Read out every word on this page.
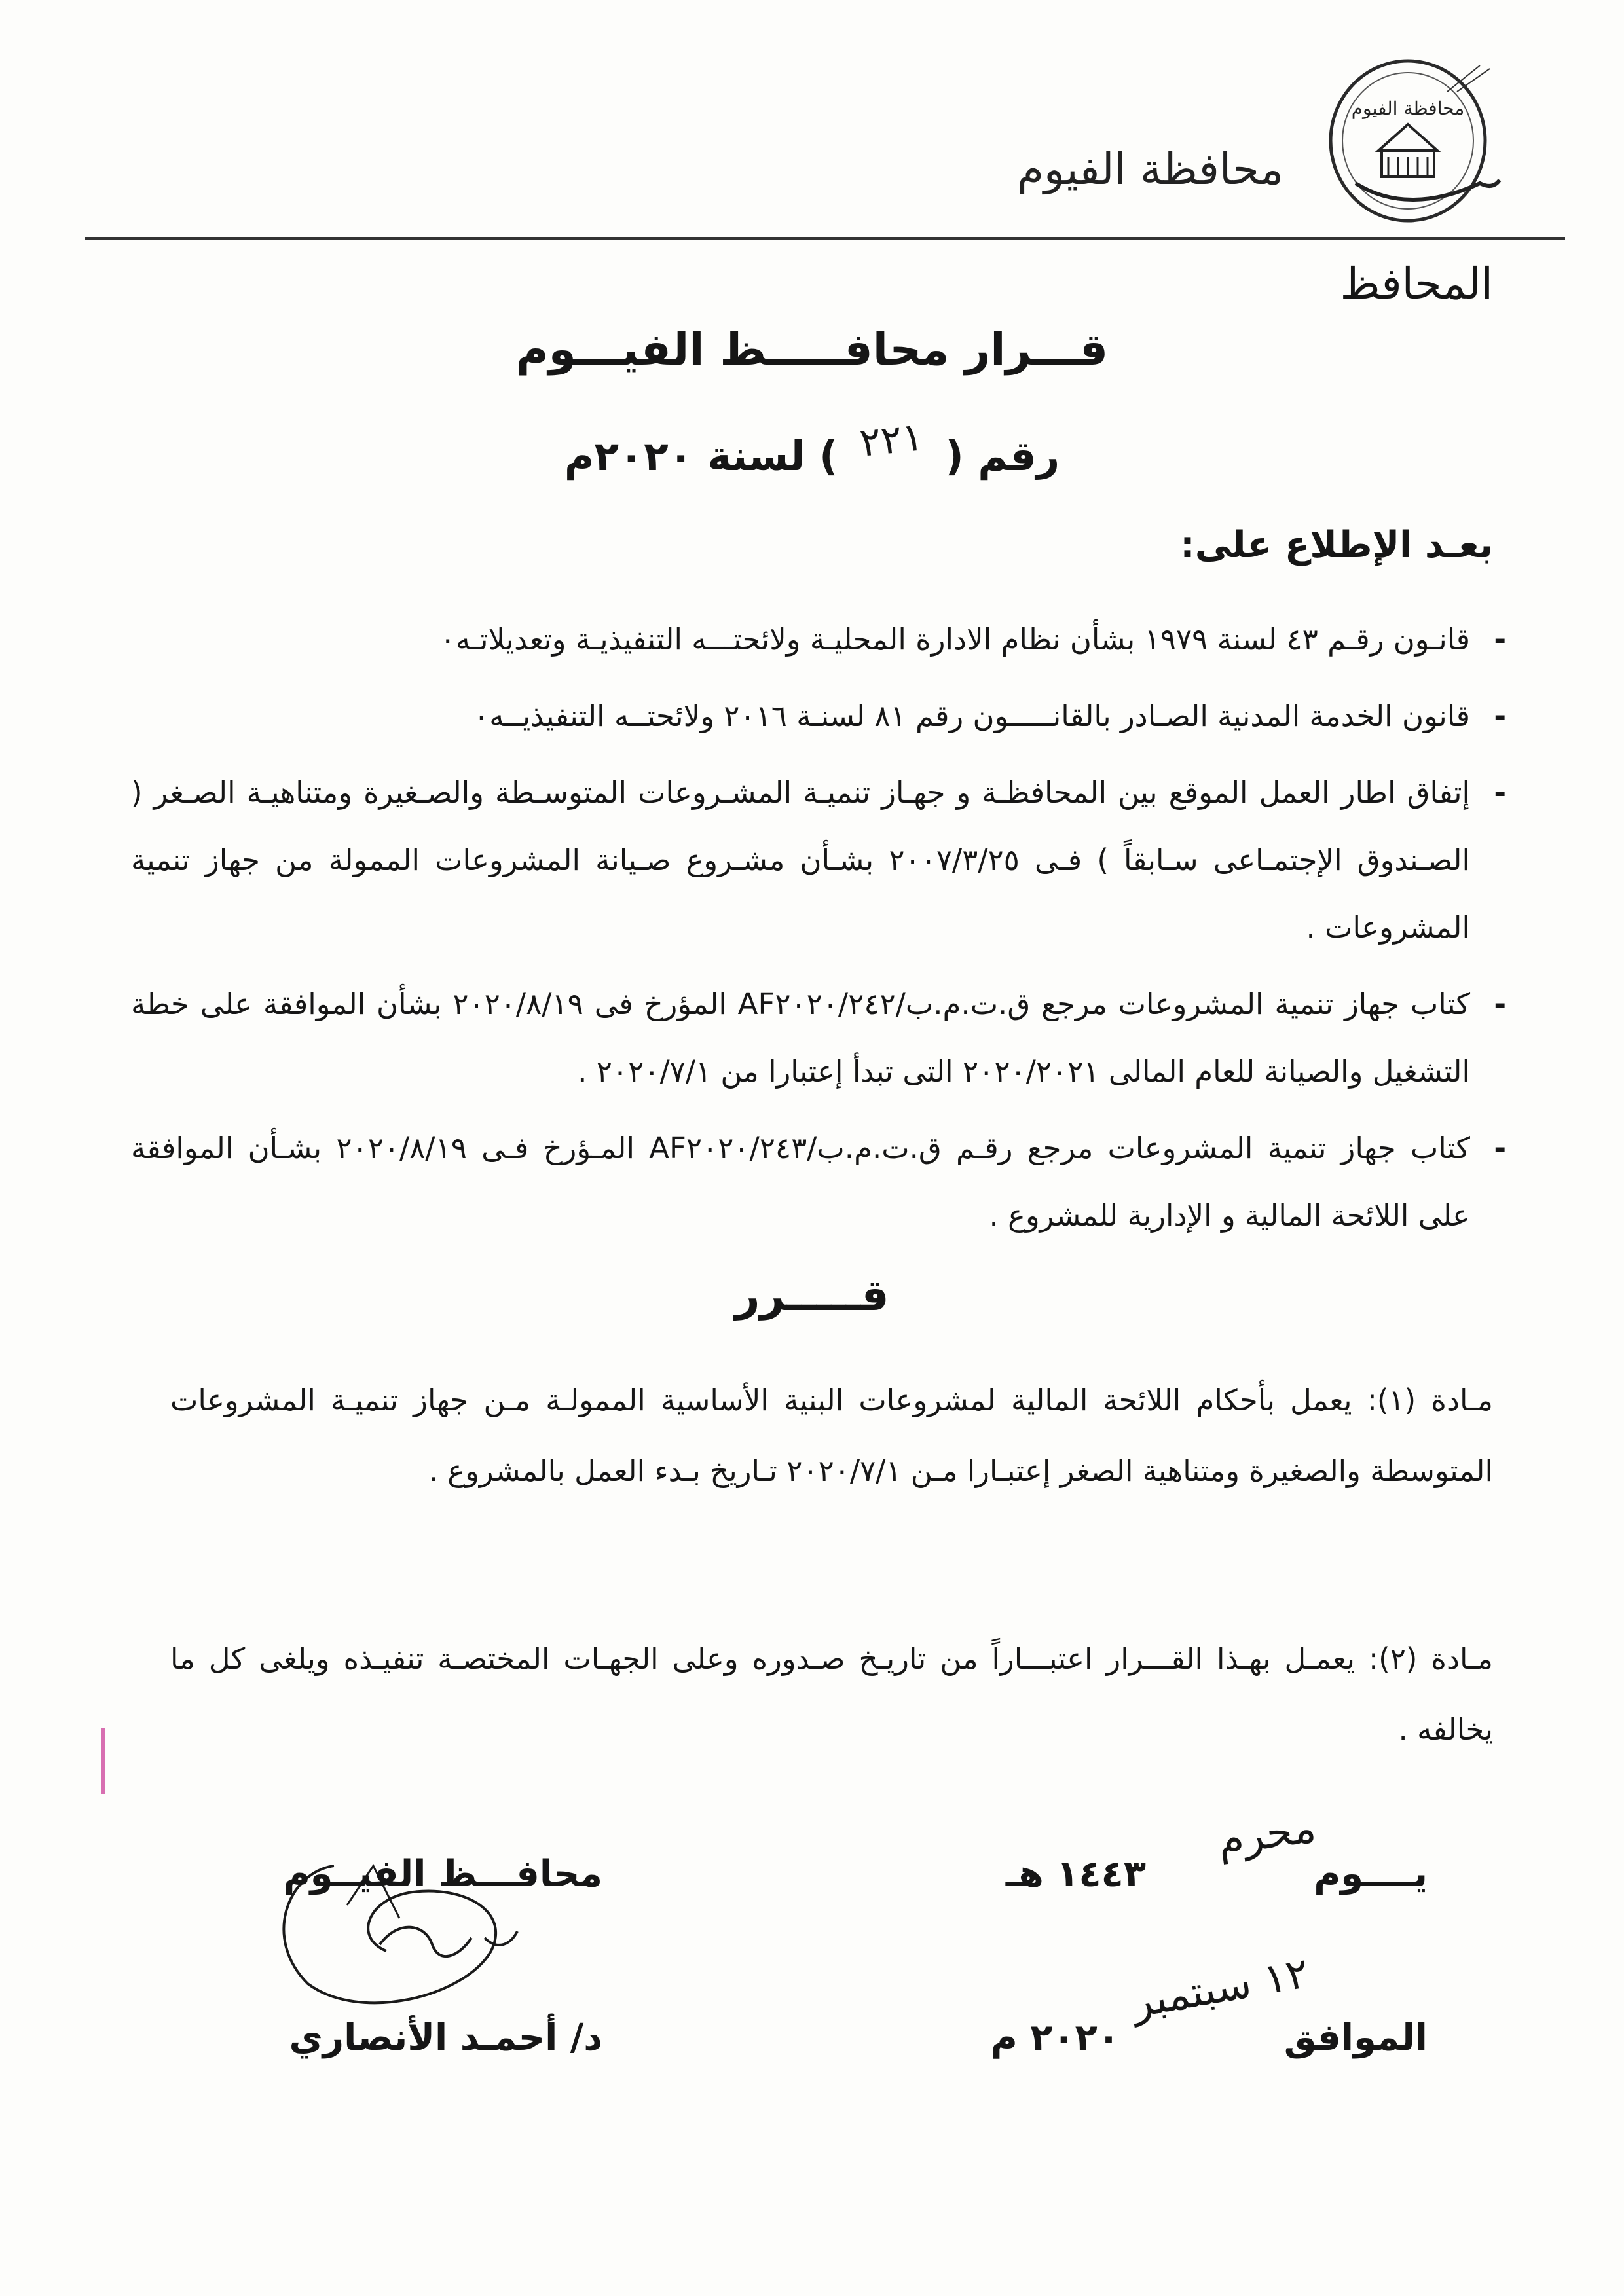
محافظة الفيوم
محافظة الفيوم
المحافظ
قـــرار محافـــــظ الفيـــوم
رقم ( ٢٢١ ) لسنة ٢٠٢٠م
بعـد الإطلاع على:
- قانـون رقـم ٤٣ لسنة ١٩٧٩ بشأن نظام الادارة المحليـة ولائحتـــه التنفيذيـة وتعديلاتـه٠
- قانون الخدمة المدنية الصـادر بالقانـــــون رقم ٨١ لسنـة ٢٠١٦ ولائحتــه التنفيذيــه٠
- إتفاق اطار العمل الموقع بين المحافظـة و جهـاز تنميـة المشـروعات المتوسـطة والصـغيرة ومتناهيـة الصـغر ( الصـندوق الإجتمـاعى سـابقاً ) فـى ٢٠٠٧/٣/٢٥ بشـأن مشـروع صـيانة المشروعات الممولة من جهاز تنمية المشروعات .
- كتاب جهاز تنمية المشروعات مرجع ق.ت.م.ب/AF٢٠٢٠/٢٤٢ المؤرخ فى ٢٠٢٠/٨/١٩ بشأن الموافقة على خطة التشغيل والصيانة للعام المالى ٢٠٢٠/٢٠٢١ التى تبدأ إعتبارا من ٢٠٢٠/٧/١ .
- كتاب جهاز تنمية المشروعات مرجع رقـم ق.ت.م.ب/AF٢٠٢٠/٢٤٣ المـؤرخ فـى ٢٠٢٠/٨/١٩ بشـأن الموافقة على اللائحة المالية و الإدارية للمشروع .
قـــــرر
مـادة (١): يعمل بأحكام اللائحة المالية لمشروعات البنية الأساسية الممولـة مـن جهاز تنميـة المشروعات المتوسطة والصغيرة ومتناهية الصغر إعتبـارا مـن ٢٠٢٠/٧/١ تـاريخ بـدء العمل بالمشروع .
مـادة (٢): يعمـل بهـذا القـــرار اعتبـــاراً من تاريـخ صـدوره وعلى الجهـات المختصـة تنفيـذه ويلغى كل ما يخالفه .
يــــوم
محرم
١٤٤٣ هـ
الموافق
١٢ سبتمبر
٢٠٢٠ م
محافـــظ الفيــوم
د/ أحمـد الأنصاري
